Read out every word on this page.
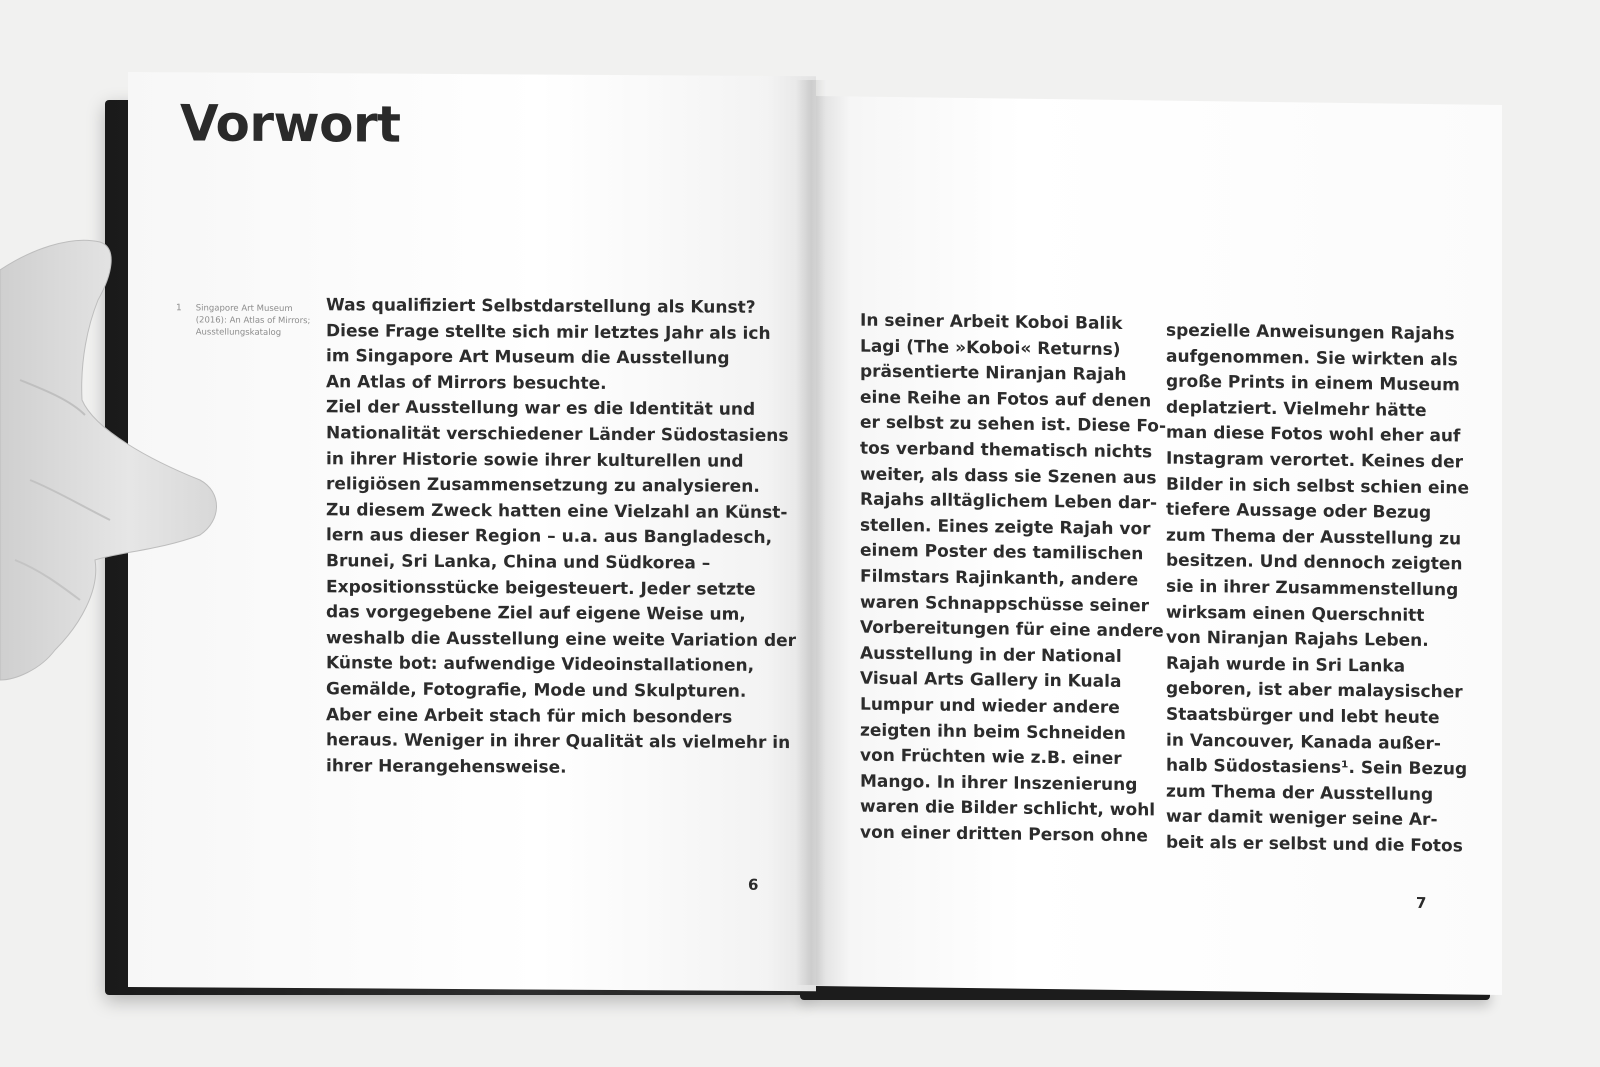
Vorwort
1 Singapore Art Museum (2016): An Atlas of Mirrors; Ausstellungskatalog
Was qualifiziert Selbstdarstellung als Kunst?
Diese Frage stellte sich mir letztes Jahr als ich
im Singapore Art Museum die Ausstellung
An Atlas of Mirrors besuchte.
Ziel der Ausstellung war es die Identität und
Nationalität verschiedener Länder Südostasiens
in ihrer Historie sowie ihrer kulturellen und
religiösen Zusammensetzung zu analysieren.
Zu diesem Zweck hatten eine Vielzahl an Künst-
lern aus dieser Region – u.a. aus Bangladesch,
Brunei, Sri Lanka, China und Südkorea –
Expositionsstücke beigesteuert. Jeder setzte
das vorgegebene Ziel auf eigene Weise um,
weshalb die Ausstellung eine weite Variation der
Künste bot: aufwendige Videoinstallationen,
Gemälde, Fotografie, Mode und Skulpturen.
Aber eine Arbeit stach für mich besonders
heraus. Weniger in ihrer Qualität als vielmehr in
ihrer Herangehensweise.
6
In seiner Arbeit Koboi Balik
Lagi (The »Koboi« Returns)
präsentierte Niranjan Rajah
eine Reihe an Fotos auf denen
er selbst zu sehen ist. Diese Fo-
tos verband thematisch nichts
weiter, als dass sie Szenen aus
Rajahs alltäglichem Leben dar-
stellen. Eines zeigte Rajah vor
einem Poster des tamilischen
Filmstars Rajinkanth, andere
waren Schnappschüsse seiner
Vorbereitungen für eine andere
Ausstellung in der National
Visual Arts Gallery in Kuala
Lumpur und wieder andere
zeigten ihn beim Schneiden
von Früchten wie z.B. einer
Mango. In ihrer Inszenierung
waren die Bilder schlicht, wohl
von einer dritten Person ohne
spezielle Anweisungen Rajahs
aufgenommen. Sie wirkten als
große Prints in einem Museum
deplatziert. Vielmehr hätte
man diese Fotos wohl eher auf
Instagram verortet. Keines der
Bilder in sich selbst schien eine
tiefere Aussage oder Bezug
zum Thema der Ausstellung zu
besitzen. Und dennoch zeigten
sie in ihrer Zusammenstellung
wirksam einen Querschnitt
von Niranjan Rajahs Leben.
Rajah wurde in Sri Lanka
geboren, ist aber malaysischer
Staatsbürger und lebt heute
in Vancouver, Kanada außer-
halb Südostasiens¹. Sein Bezug
zum Thema der Ausstellung
war damit weniger seine Ar-
beit als er selbst und die Fotos
7
